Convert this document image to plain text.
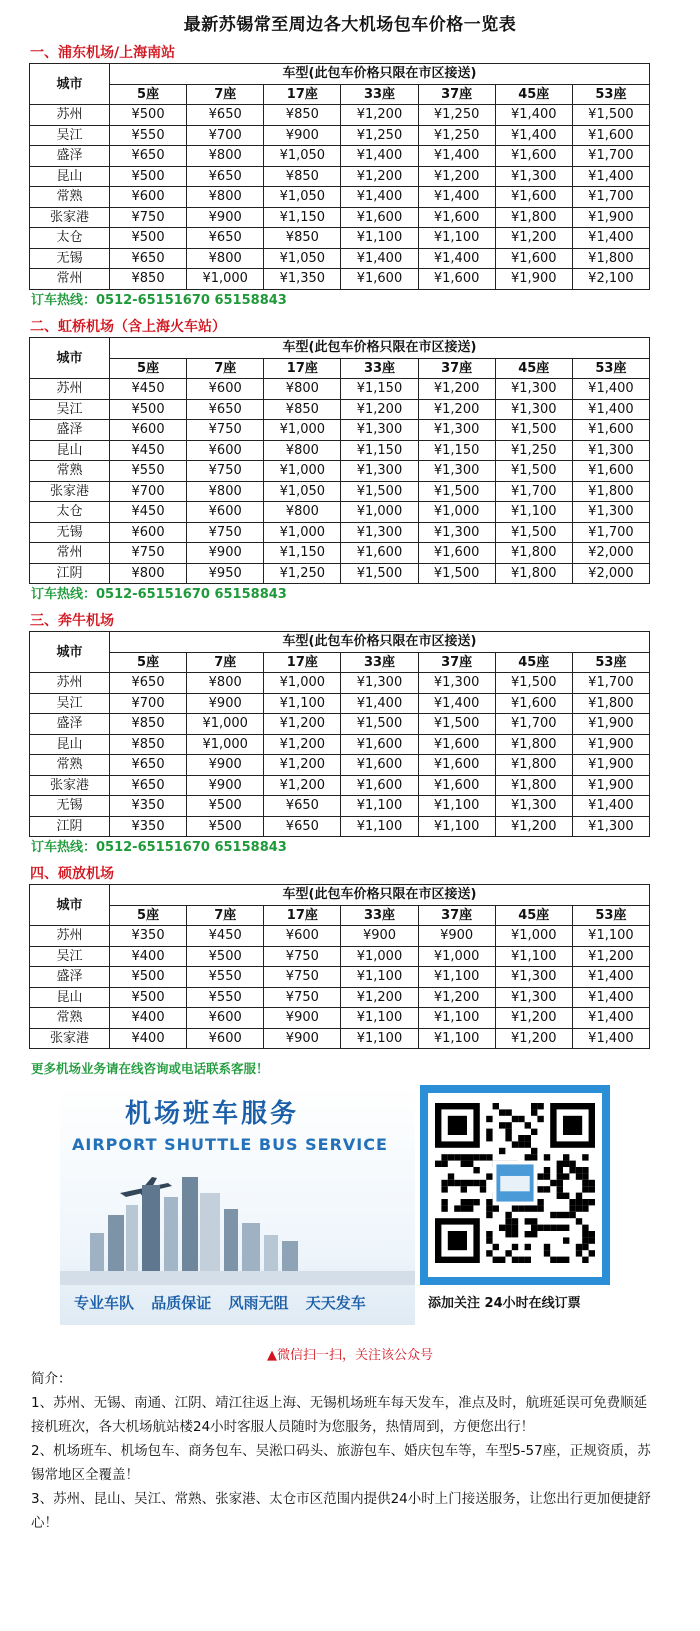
最新苏锡常至周边各大机场包车价格一览表
一、浦东机场/上海南站
城市	车型(此包车价格只限在市区接送)						
	5座	7座	17座	33座	37座	45座	53座
苏州	¥500	¥650	¥850	¥1,200	¥1,250	¥1,400	¥1,500
吴江	¥550	¥700	¥900	¥1,250	¥1,250	¥1,400	¥1,600
盛泽	¥650	¥800	¥1,050	¥1,400	¥1,400	¥1,600	¥1,700
昆山	¥500	¥650	¥850	¥1,200	¥1,200	¥1,300	¥1,400
常熟	¥600	¥800	¥1,050	¥1,400	¥1,400	¥1,600	¥1,700
张家港	¥750	¥900	¥1,150	¥1,600	¥1,600	¥1,800	¥1,900
太仓	¥500	¥650	¥850	¥1,100	¥1,100	¥1,200	¥1,400
无锡	¥650	¥800	¥1,050	¥1,400	¥1,400	¥1,600	¥1,800
常州	¥850	¥1,000	¥1,350	¥1,600	¥1,600	¥1,900	¥2,100
订车热线：0512-65151670 65158843
二、虹桥机场（含上海火车站）
城市	车型(此包车价格只限在市区接送)						
	5座	7座	17座	33座	37座	45座	53座
苏州	¥450	¥600	¥800	¥1,150	¥1,200	¥1,300	¥1,400
吴江	¥500	¥650	¥850	¥1,200	¥1,200	¥1,300	¥1,400
盛泽	¥600	¥750	¥1,000	¥1,300	¥1,300	¥1,500	¥1,600
昆山	¥450	¥600	¥800	¥1,150	¥1,150	¥1,250	¥1,300
常熟	¥550	¥750	¥1,000	¥1,300	¥1,300	¥1,500	¥1,600
张家港	¥700	¥800	¥1,050	¥1,500	¥1,500	¥1,700	¥1,800
太仓	¥450	¥600	¥800	¥1,000	¥1,000	¥1,100	¥1,300
无锡	¥600	¥750	¥1,000	¥1,300	¥1,300	¥1,500	¥1,700
常州	¥750	¥900	¥1,150	¥1,600	¥1,600	¥1,800	¥2,000
江阴	¥800	¥950	¥1,250	¥1,500	¥1,500	¥1,800	¥2,000
订车热线：0512-65151670 65158843
三、奔牛机场
城市	车型(此包车价格只限在市区接送)						
	5座	7座	17座	33座	37座	45座	53座
苏州	¥650	¥800	¥1,000	¥1,300	¥1,300	¥1,500	¥1,700
吴江	¥700	¥900	¥1,100	¥1,400	¥1,400	¥1,600	¥1,800
盛泽	¥850	¥1,000	¥1,200	¥1,500	¥1,500	¥1,700	¥1,900
昆山	¥850	¥1,000	¥1,200	¥1,600	¥1,600	¥1,800	¥1,900
常熟	¥650	¥900	¥1,200	¥1,600	¥1,600	¥1,800	¥1,900
张家港	¥650	¥900	¥1,200	¥1,600	¥1,600	¥1,800	¥1,900
无锡	¥350	¥500	¥650	¥1,100	¥1,100	¥1,300	¥1,400
江阴	¥350	¥500	¥650	¥1,100	¥1,100	¥1,200	¥1,300
订车热线：0512-65151670 65158843
四、硕放机场
城市	车型(此包车价格只限在市区接送)						
	5座	7座	17座	33座	37座	45座	53座
苏州	¥350	¥450	¥600	¥900	¥900	¥1,000	¥1,100
吴江	¥400	¥500	¥750	¥1,000	¥1,000	¥1,100	¥1,200
盛泽	¥500	¥550	¥750	¥1,100	¥1,100	¥1,300	¥1,400
昆山	¥500	¥550	¥750	¥1,200	¥1,200	¥1,300	¥1,400
常熟	¥400	¥600	¥900	¥1,100	¥1,100	¥1,200	¥1,400
张家港	¥400	¥600	¥900	¥1,100	¥1,100	¥1,200	¥1,400
更多机场业务请在线咨询或电话联系客服！
机场班车服务
AIRPORT SHUTTLE BUS SERVICE
专业车队 品质保证 风雨无阻 天天发车	添加关注 24小时在线订票
▲微信扫一扫，关注该公众号

简介：

1、苏州、无锡、南通、江阴、靖江往返上海、无锡机场班车每天发车，准点及时，航班延误可免费顺延接机班次，各大机场航站楼24小时客服人员随时为您服务，热情周到，方便您出行！

2、机场班车、机场包车、商务包车、吴淞口码头、旅游包车、婚庆包车等，车型5-57座，正规资质，苏锡常地区全覆盖！

3、苏州、昆山、吴江、常熟、张家港、太仓市区范围内提供24小时上门接送服务，让您出行更加便捷舒心！
